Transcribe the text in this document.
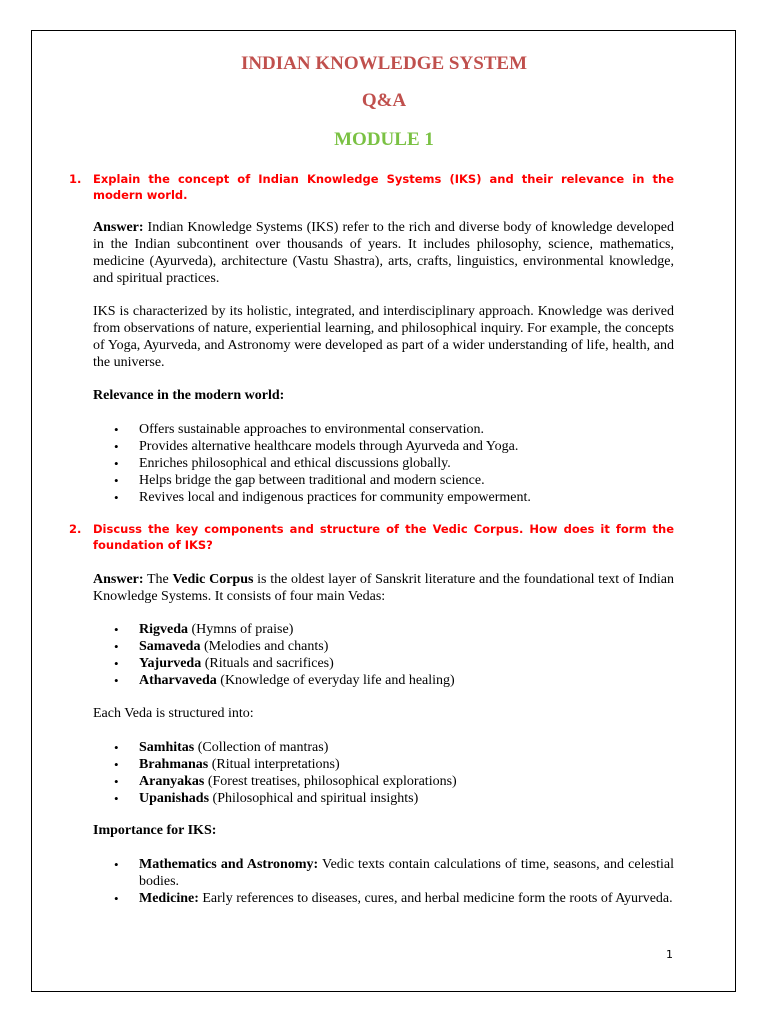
INDIAN KNOWLEDGE SYSTEM
Q&A
MODULE 1
1. Explain the concept of Indian Knowledge Systems (IKS) and their relevance in the modern world.
Answer: Indian Knowledge Systems (IKS) refer to the rich and diverse body of knowledge developed in the Indian subcontinent over thousands of years. It includes philosophy, science, mathematics, medicine (Ayurveda), architecture (Vastu Shastra), arts, crafts, linguistics, environmental knowledge, and spiritual practices.
IKS is characterized by its holistic, integrated, and interdisciplinary approach. Knowledge was derived from observations of nature, experiential learning, and philosophical inquiry. For example, the concepts of Yoga, Ayurveda, and Astronomy were developed as part of a wider understanding of life, health, and the universe.
Relevance in the modern world:
• Offers sustainable approaches to environmental conservation.
• Provides alternative healthcare models through Ayurveda and Yoga.
• Enriches philosophical and ethical discussions globally.
• Helps bridge the gap between traditional and modern science.
• Revives local and indigenous practices for community empowerment.
2. Discuss the key components and structure of the Vedic Corpus. How does it form the foundation of IKS?
Answer: The Vedic Corpus is the oldest layer of Sanskrit literature and the foundational text of Indian Knowledge Systems. It consists of four main Vedas:
• Rigveda (Hymns of praise)
• Samaveda (Melodies and chants)
• Yajurveda (Rituals and sacrifices)
• Atharvaveda (Knowledge of everyday life and healing)
Each Veda is structured into:
• Samhitas (Collection of mantras)
• Brahmanas (Ritual interpretations)
• Aranyakas (Forest treatises, philosophical explorations)
• Upanishads (Philosophical and spiritual insights)
Importance for IKS:
• Mathematics and Astronomy: Vedic texts contain calculations of time, seasons, and celestial bodies.
• Medicine: Early references to diseases, cures, and herbal medicine form the roots of Ayurveda.
1
